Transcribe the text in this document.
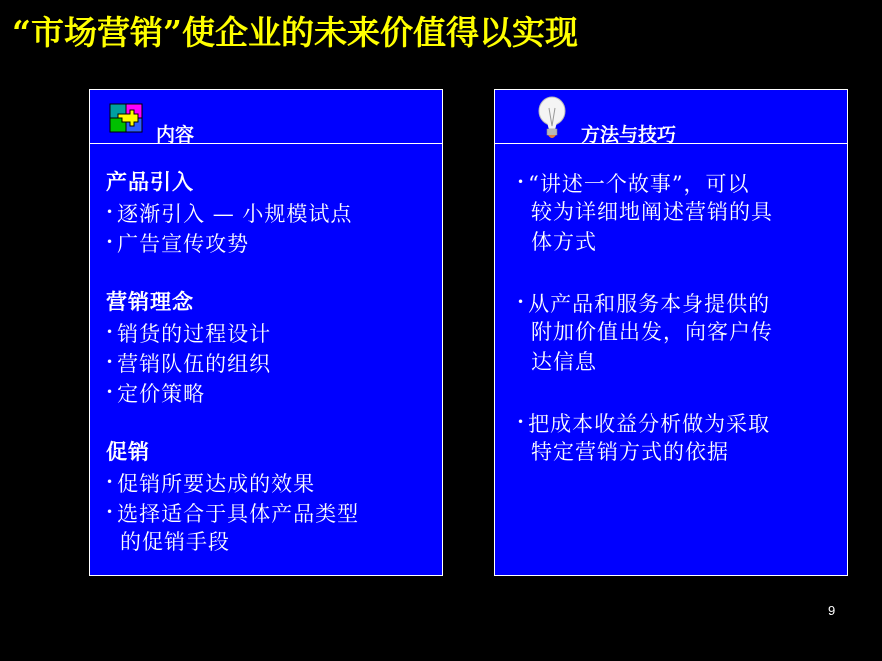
“市场营销”使企业的未来价值得以实现
内容
产品引入
• 逐渐引入 — 小规模试点
• 广告宣传攻势
营销理念
• 销货的过程设计
• 营销队伍的组织
• 定价策略
促销
• 促销所要达成的效果
• 选择适合于具体产品类型
的促销手段
方法与技巧
• “讲述一个故事”，可以
较为详细地阐述营销的具
体方式
• 从产品和服务本身提供的
附加价值出发，向客户传
达信息
• 把成本收益分析做为采取
特定营销方式的依据
9
